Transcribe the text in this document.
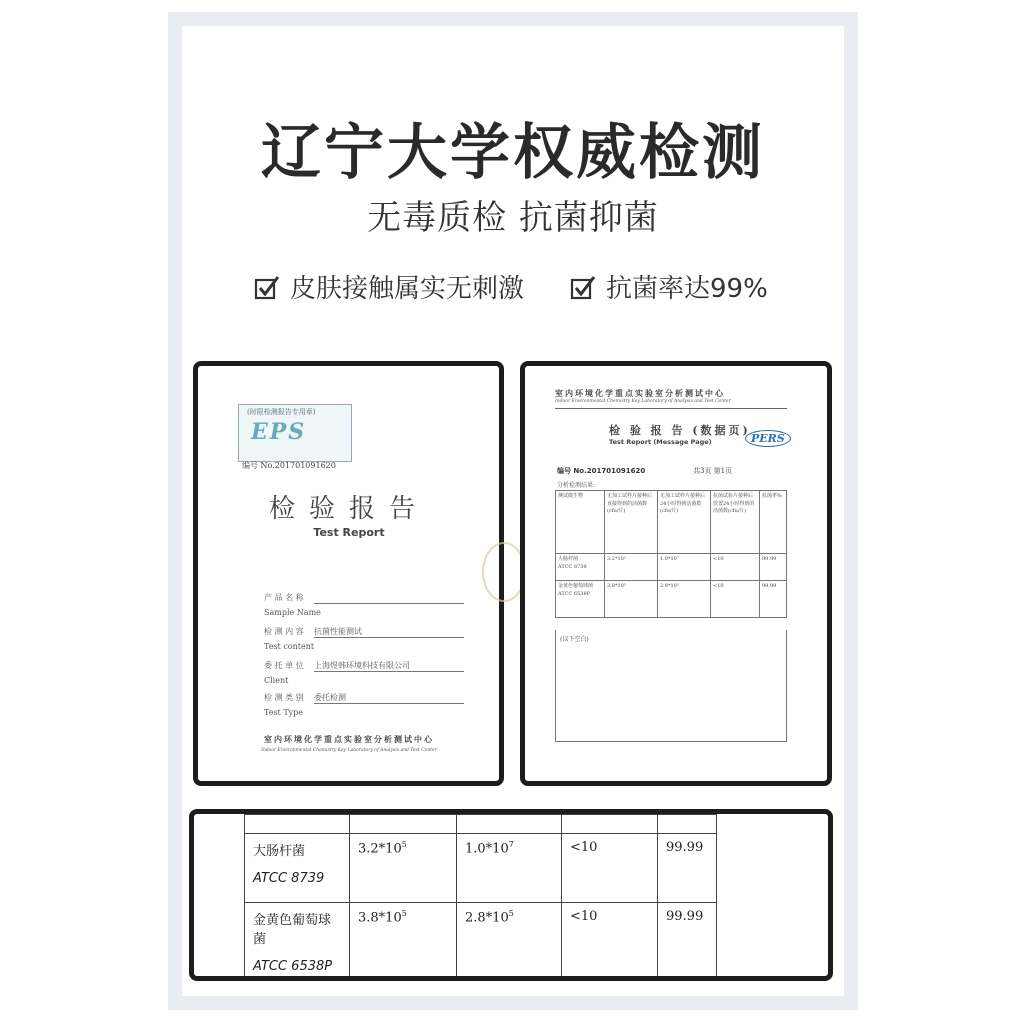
辽宁大学权威检测
无毒质检 抗菌抑菌
皮肤接触属实无刺激	抗菌率达99%
(时限检测报告专用章)
EPS
编号 No.201701091620
检验报告
Test Report
产 品 名 称
Sample Name
检 测 内 容 抗菌性能测试
Test content
委 托 单 位 上海煜韩环境科技有限公司
Client
检 测 类 别 委托检测
Test Type
室内环境化学重点实验室分析测试中心
Indoor Environmental Chemistry Key Laboratory of Analysis and Test Center
室内环境化学重点实验室分析测试中心
Indoor Environmental Chemistry Key Laboratory of Analysis and Test Center
检 验 报 告 (数据页)
Test Report (Message Page)	PERS
编号 No.201701091620	共3页 第1页
分析检测结果:
测试微生物	无加工试样片接种后直接得到的活菌数(cfu/片)	无加工试样片接种后24小时得到活菌数(cfu/片)	抗菌试验片接种后放置24小时得到的活菌数(cfu/片)	抗菌率%
大肠杆菌
ATCC 8739	3.2*10⁵	1.0*10⁷	<10	99.99
金黄色葡萄球菌
ATCC 6538P	3.8*10⁵	2.8*10⁵	<10	99.99
(以下空白)

大肠杆菌
ATCC 8739	$3.2*10^5$	$1.0*10^7$	<10	99.99

金黄色葡萄球菌
ATCC 6538P	$3.8*10^5$	$2.8*10^5$	<10	99.99
